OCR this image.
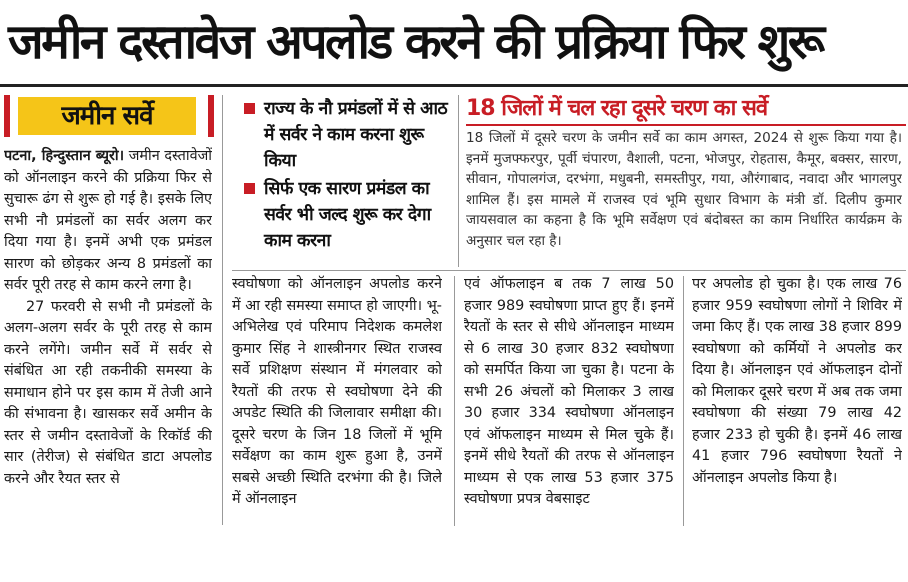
जमीन दस्तावेज अपलोड करने की प्रक्रिया फिर शुरू
जमीन सर्वे

पटना, हिन्दुस्तान ब्यूरो। जमीन दस्तावेजों को ऑनलाइन करने की प्रक्रिया फिर से सुचारू ढंग से शुरू हो गई है। इसके लिए सभी नौ प्रमंडलों का सर्वर अलग कर दिया गया है। इनमें अभी एक प्रमंडल सारण को छोड़कर अन्य 8 प्रमंडलों का सर्वर पूरी तरह से काम करने लगा है।

27 फरवरी से सभी नौ प्रमंडलों के अलग-अलग सर्वर के पूरी तरह से काम करने लगेंगे। जमीन सर्वे में सर्वर से संबंधित आ रही तकनीकी समस्या के समाधान होने पर इस काम में तेजी आने की संभावना है। खासकर सर्वे अमीन के स्तर से जमीन दस्तावेजों के रिकॉर्ड की सार (तेरीज) से संबंधित डाटा अपलोड करने और रैयत स्तर से

राज्य के नौ प्रमंडलों में से आठ में सर्वर ने काम करना शुरू किया
सिर्फ एक सारण प्रमंडल का सर्वर भी जल्द शुरू कर देगा काम करना
18 जिलों में चल रहा दूसरे चरण का सर्वे
18 जिलों में दूसरे चरण के जमीन सर्वे का काम अगस्त, 2024 से शुरू किया गया है। इनमें मुजफ्फरपुर, पूर्वी चंपारण, वैशाली, पटना, भोजपुर, रोहतास, कैमूर, बक्सर, सारण, सीवान, गोपालगंज, दरभंगा, मधुबनी, समस्तीपुर, गया, औरंगाबाद, नवादा और भागलपुर शामिल हैं। इस मामले में राजस्व एवं भूमि सुधार विभाग के मंत्री डॉ. दिलीप कुमार जायसवाल का कहना है कि भूमि सर्वेक्षण एवं बंदोबस्त का काम निर्धारित कार्यक्रम के अनुसार चल रहा है।
स्वघोषणा को ऑनलाइन अपलोड करने में आ रही समस्या समाप्त हो जाएगी। भू-अभिलेख एवं परिमाप निदेशक कमलेश कुमार सिंह ने शास्त्रीनगर स्थित राजस्व सर्वे प्रशिक्षण संस्थान में मंगलवार को रैयतों की तरफ से स्वघोषणा देने की अपडेट स्थिति की जिलावार समीक्षा की। दूसरे चरण के जिन 18 जिलों में भूमि सर्वेक्षण का काम शुरू हुआ है, उनमें सबसे अच्छी स्थिति दरभंगा की है। जिले में ऑनलाइन
एवं ऑफलाइन ब तक 7 लाख 50 हजार 989 स्वघोषणा प्राप्त हुए हैं। इनमें रैयतों के स्तर से सीधे ऑनलाइन माध्यम से 6 लाख 30 हजार 832 स्वघोषणा को समर्पित किया जा चुका है। पटना के सभी 26 अंचलों को मिलाकर 3 लाख 30 हजार 334 स्वघोषणा ऑनलाइन एवं ऑफलाइन माध्यम से मिल चुके हैं। इनमें सीधे रैयतों की तरफ से ऑनलाइन माध्यम से एक लाख 53 हजार 375 स्वघोषणा प्रपत्र वेबसाइट
पर अपलोड हो चुका है। एक लाख 76 हजार 959 स्वघोषणा लोगों ने शिविर में जमा किए हैं। एक लाख 38 हजार 899 स्वघोषणा को कर्मियों ने अपलोड कर दिया है। ऑनलाइन एवं ऑफलाइन दोनों को मिलाकर दूसरे चरण में अब तक जमा स्वघोषणा की संख्या 79 लाख 42 हजार 233 हो चुकी है। इनमें 46 लाख 41 हजार 796 स्वघोषणा रैयतों ने ऑनलाइन अपलोड किया है।
